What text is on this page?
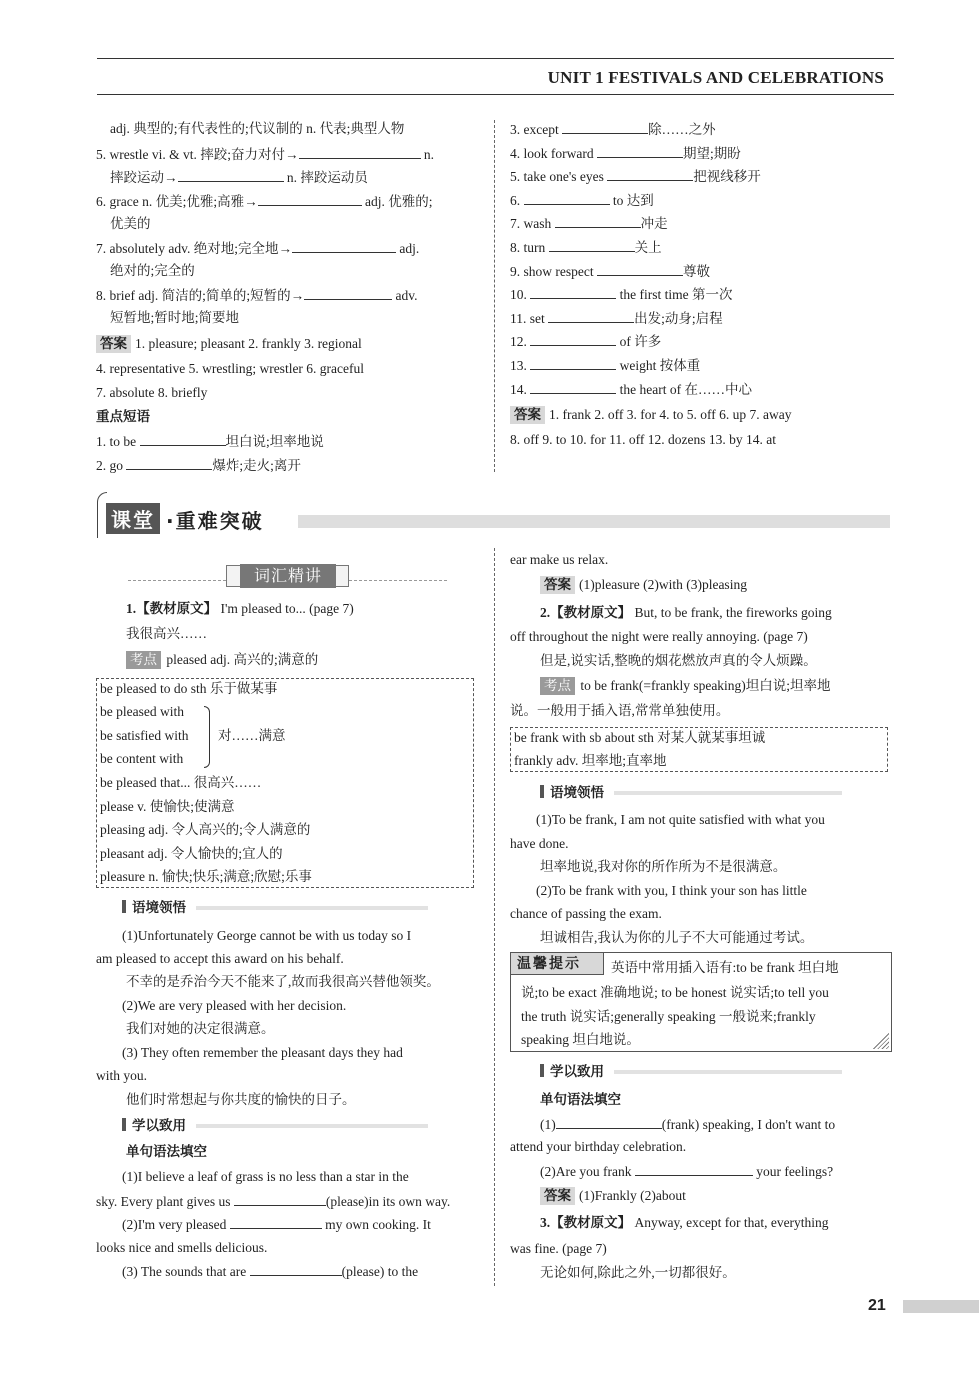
UNIT 1 FESTIVALS AND CELEBRATIONS
adj. 典型的;有代表性的;代议制的 n. 代表;典型人物
5. wrestle vi. & vt. 摔跤;奋力对付→	n.
摔跤运动→	n. 摔跤运动员
6. grace n. 优美;优雅;高雅→	adj. 优雅的;
优美的
7. absolutely adv. 绝对地;完全地→	adj.
绝对的;完全的
8. brief adj. 简洁的;简单的;短暂的→	adv.
短暂地;暂时地;简要地
答案 1. pleasure; pleasant 2. frankly 3. regional
4. representative 5. wrestling; wrestler 6. graceful
7. absolute 8. briefly
重点短语
1. to be	坦白说;坦率地说
2. go	爆炸;走火;离开
3. except	除……之外
4. look forward	期望;期盼
5. take one's eyes	把视线移开
6.	to 达到
7. wash	冲走
8. turn	关上
9. show respect	尊敬
10.	the first time 第一次
11. set	出发;动身;启程
12.	of 许多
13.	weight 按体重
14.	the heart of 在……中心
答案 1. frank 2. off 3. for 4. to 5. off 6. up 7. away
8. off 9. to 10. for 11. off 12. dozens 13. by 14. at
课堂 ·重难突破
词汇精讲
1.【教材原文】 I'm pleased to... (page 7)
我很高兴……
考点 pleased adj. 高兴的;满意的
be pleased to do sth 乐于做某事
be pleased with
be satisfied with
be content with
对……满意
be pleased that... 很高兴……
please v. 使愉快;使满意
pleasing adj. 令人高兴的;令人满意的
pleasant adj. 令人愉快的;宜人的
pleasure n. 愉快;快乐;满意;欣慰;乐事
语境领悟
(1)Unfortunately George cannot be with us today so I
am pleased to accept this award on his behalf.
不幸的是乔治今天不能来了,故而我很高兴替他领奖。
(2)We are very pleased with her decision.
我们对她的决定很满意。
(3) They often remember the pleasant days they had
with you.
他们时常想起与你共度的愉快的日子。
学以致用
单句语法填空
(1)I believe a leaf of grass is no less than a star in the
sky. Every plant gives us	(please)in its own way.
(2)I'm very pleased	my own cooking. It
looks nice and smells delicious.
(3) The sounds that are	(please) to the
ear make us relax.
答案 (1)pleasure (2)with (3)pleasing
2.【教材原文】 But, to be frank, the fireworks going
off throughout the night were really annoying. (page 7)
但是,说实话,整晚的烟花燃放声真的令人烦躁。
考点 to be frank(=frankly speaking)坦白说;坦率地
说。一般用于插入语,常常单独使用。
be frank with sb about sth 对某人就某事坦诚
frankly adv. 坦率地;直率地
语境领悟
(1)To be frank, I am not quite satisfied with what you
have done.
坦率地说,我对你的所作所为不是很满意。
(2)To be frank with you, I think your son has little
chance of passing the exam.
坦诚相告,我认为你的儿子不大可能通过考试。
温馨提示	英语中常用插入语有:to be frank 坦白地
说;to be exact 准确地说; to be honest 说实话;to tell you
the truth 说实话;generally speaking 一般说来;frankly
speaking 坦白地说。
学以致用
单句语法填空
(1)	(frank) speaking, I don't want to
attend your birthday celebration.
(2)Are you frank	your feelings?
答案 (1)Frankly (2)about
3.【教材原文】 Anyway, except for that, everything
was fine. (page 7)
无论如何,除此之外,一切都很好。
21
